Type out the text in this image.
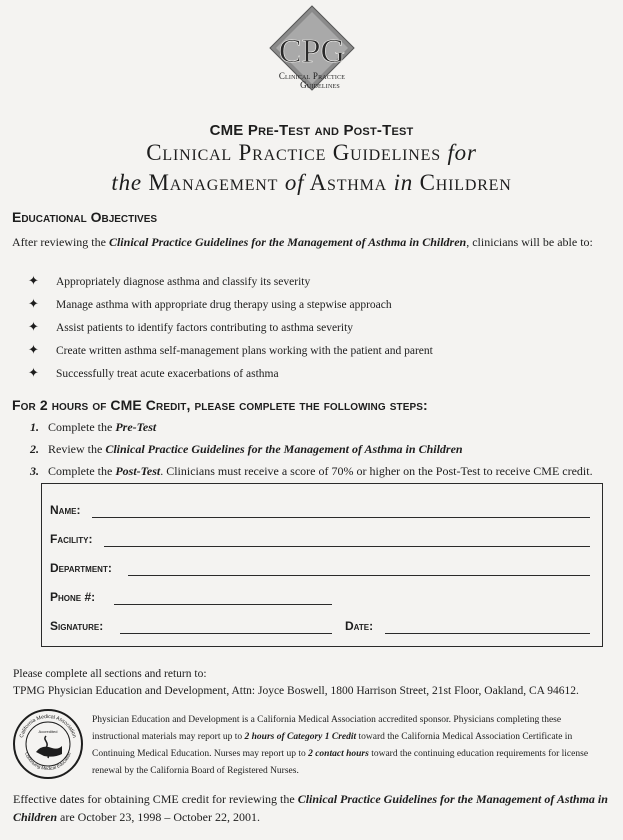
CPG
Clinical Practice
Guidelines
CME Pre-Test and Post-Test
Clinical Practice Guidelines for
the Management of Asthma in Children
Educational Objectives
After reviewing the Clinical Practice Guidelines for the Management of Asthma in Children, clinicians will be able to:
✦ Appropriately diagnose asthma and classify its severity
✦ Manage asthma with appropriate drug therapy using a stepwise approach
✦ Assist patients to identify factors contributing to asthma severity
✦ Create written asthma self-management plans working with the patient and parent
✦ Successfully treat acute exacerbations of asthma
For 2 hours of CME Credit, please complete the following steps:
1. Complete the Pre-Test
2. Review the Clinical Practice Guidelines for the Management of Asthma in Children
3. Complete the Post-Test. Clinicians must receive a score of 70% or higher on the Post-Test to receive CME credit.
Name:
Facility:
Department:
Phone #:
Signature:	Date:
Please complete all sections and return to:
TPMG Physician Education and Development, Attn: Joyce Boswell, 1800 Harrison Street, 21st Floor, Oakland, CA 94612.
California Medical Association
Continuing Medical Education
Accredited
Physician Education and Development is a California Medical Association accredited sponsor. Physicians completing these instructional materials may report up to 2 hours of Category 1 Credit toward the California Medical Association Certificate in Continuing Medical Education. Nurses may report up to 2 contact hours toward the continuing education requirements for license renewal by the California Board of Registered Nurses.
Effective dates for obtaining CME credit for reviewing the Clinical Practice Guidelines for the Management of Asthma in Children are October 23, 1998 – October 22, 2001.
